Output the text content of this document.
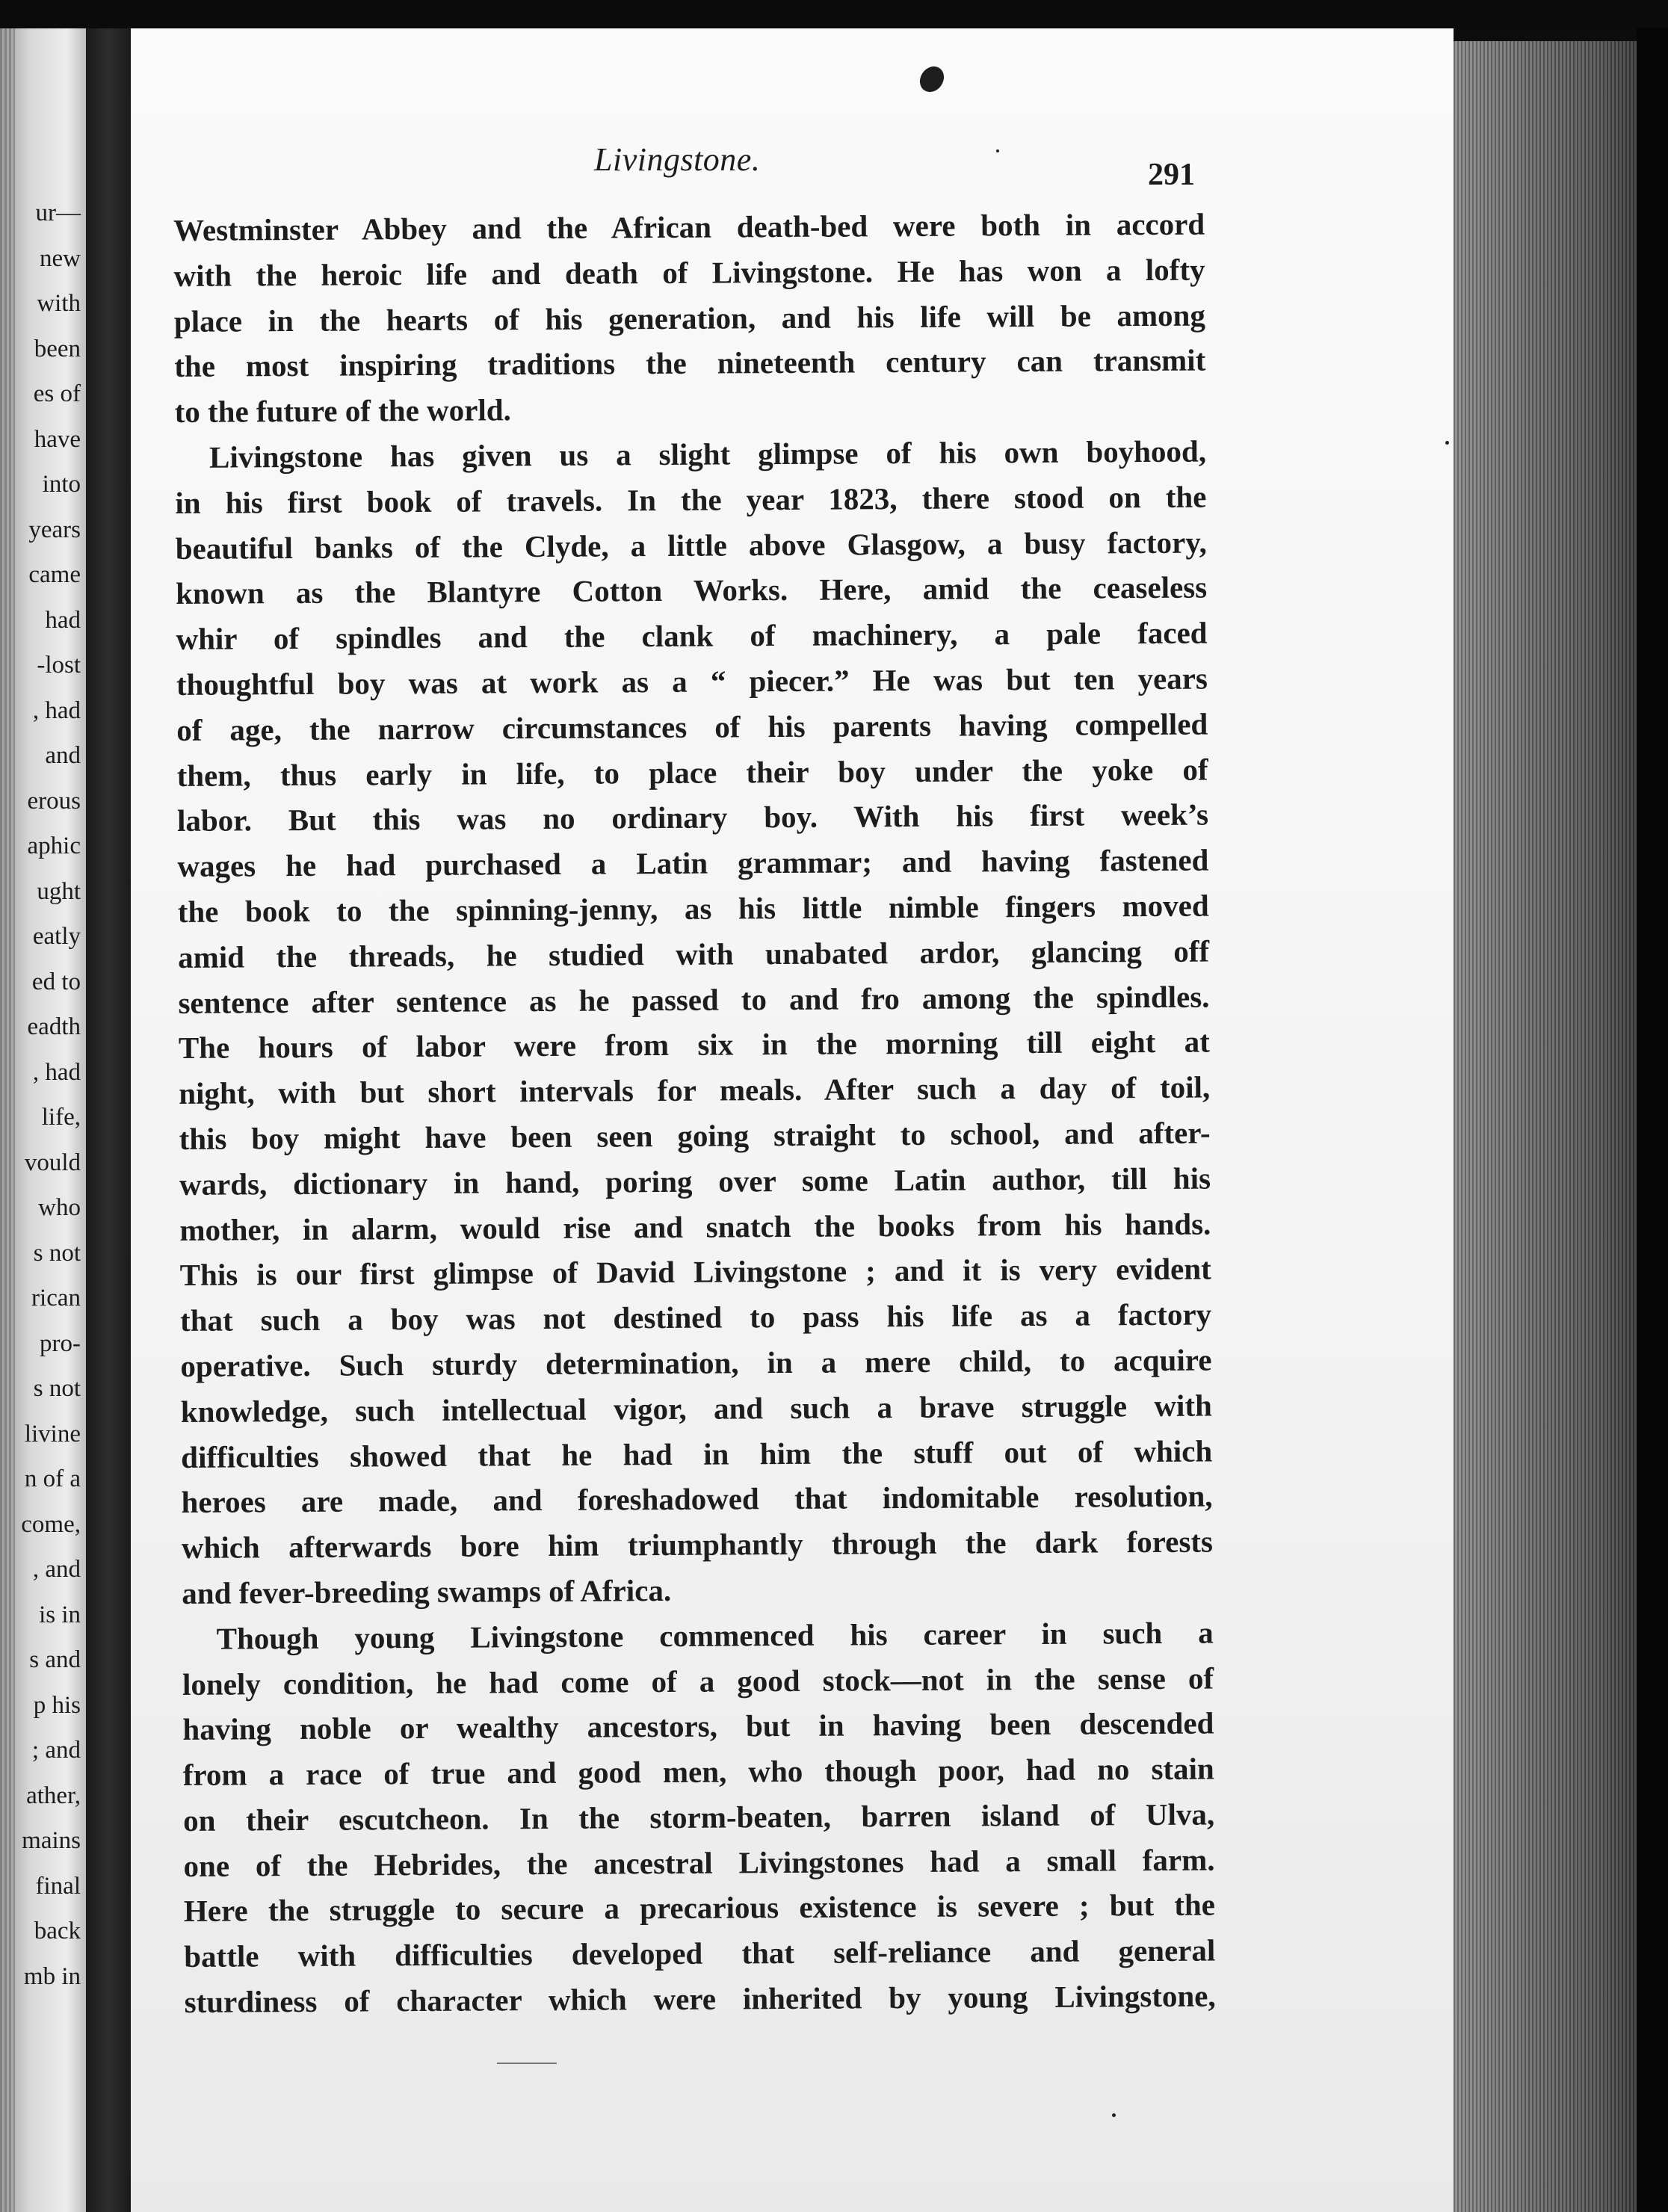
ur—
new
with
been
es of
have
into
years
came
had
-lost
, had
and
erous
aphic
ught
eatly
ed to
eadth
, had
life,
vould
who
s not
rican
pro-
s not
livine
n of a
come,
, and
is in
s and
p his
; and
ather,
mains
final
back
mb in
Livingstone.	291
Westminster Abbey and the African death-bed were both in accord
with the heroic life and death of Livingstone. He has won a lofty
place in the hearts of his generation, and his life will be among
the most inspiring traditions the nineteenth century can transmit
to the future of the world.
Livingstone has given us a slight glimpse of his own boyhood,
in his first book of travels. In the year 1823, there stood on the
beautiful banks of the Clyde, a little above Glasgow, a busy factory,
known as the Blantyre Cotton Works. Here, amid the ceaseless
whir of spindles and the clank of machinery, a pale faced
thoughtful boy was at work as a “ piecer.” He was but ten years
of age, the narrow circumstances of his parents having compelled
them, thus early in life, to place their boy under the yoke of
labor. But this was no ordinary boy. With his first week’s
wages he had purchased a Latin grammar; and having fastened
the book to the spinning-jenny, as his little nimble fingers moved
amid the threads, he studied with unabated ardor, glancing off
sentence after sentence as he passed to and fro among the spindles.
The hours of labor were from six in the morning till eight at
night, with but short intervals for meals. After such a day of toil,
this boy might have been seen going straight to school, and after-
wards, dictionary in hand, poring over some Latin author, till his
mother, in alarm, would rise and snatch the books from his hands.
This is our first glimpse of David Livingstone ; and it is very evident
that such a boy was not destined to pass his life as a factory
operative. Such sturdy determination, in a mere child, to acquire
knowledge, such intellectual vigor, and such a brave struggle with
difficulties showed that he had in him the stuff out of which
heroes are made, and foreshadowed that indomitable resolution,
which afterwards bore him triumphantly through the dark forests
and fever-breeding swamps of Africa.
Though young Livingstone commenced his career in such a
lonely condition, he had come of a good stock—not in the sense of
having noble or wealthy ancestors, but in having been descended
from a race of true and good men, who though poor, had no stain
on their escutcheon. In the storm-beaten, barren island of Ulva,
one of the Hebrides, the ancestral Livingstones had a small farm.
Here the struggle to secure a precarious existence is severe ; but the
battle with difficulties developed that self-reliance and general
sturdiness of character which were inherited by young Livingstone,
